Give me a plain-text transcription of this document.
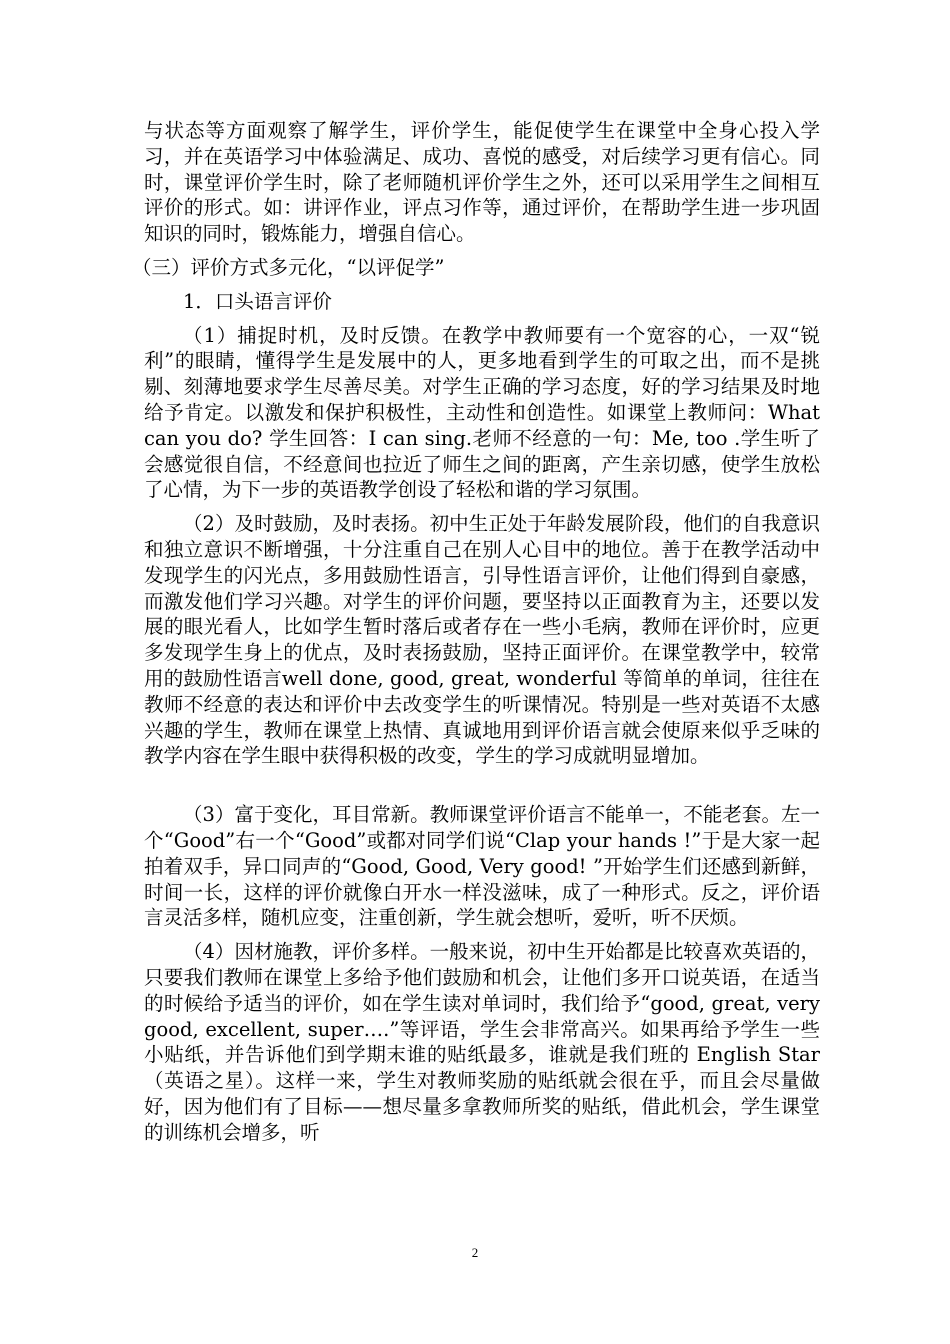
与状态等方面观察了解学生，评价学生，能促使学生在课堂中全身心投入学习，并在英语学习中体验满足、成功、喜悦的感受，对后续学习更有信心。同时，课堂评价学生时，除了老师随机评价学生之外，还可以采用学生之间相互评价的形式。如：讲评作业，评点习作等，通过评价，在帮助学生进一步巩固知识的同时，锻炼能力，增强自信心。

（三）评价方式多元化，“以评促学”

1．口头语言评价

（1）捕捉时机，及时反馈。在教学中教师要有一个宽容的心，一双“锐利”的眼睛，懂得学生是发展中的人，更多地看到学生的可取之出，而不是挑剔、刻薄地要求学生尽善尽美。对学生正确的学习态度，好的学习结果及时地给予肯定。以激发和保护积极性，主动性和创造性。如课堂上教师问：What can you do? 学生回答：I can sing.老师不经意的一句：Me, too .学生听了会感觉很自信，不经意间也拉近了师生之间的距离，产生亲切感，使学生放松了心情，为下一步的英语教学创设了轻松和谐的学习氛围。

（2）及时鼓励，及时表扬。初中生正处于年龄发展阶段，他们的自我意识和独立意识不断增强，十分注重自己在别人心目中的地位。善于在教学活动中发现学生的闪光点，多用鼓励性语言，引导性语言评价，让他们得到自豪感，而激发他们学习兴趣。对学生的评价问题，要坚持以正面教育为主，还要以发展的眼光看人，比如学生暂时落后或者存在一些小毛病，教师在评价时，应更多发现学生身上的优点，及时表扬鼓励，坚持正面评价。在课堂教学中，较常用的鼓励性语言well done, good, great, wonderful 等简单的单词，往往在教师不经意的表达和评价中去改变学生的听课情况。特别是一些对英语不太感兴趣的学生，教师在课堂上热情、真诚地用到评价语言就会使原来似乎乏味的教学内容在学生眼中获得积极的改变，学生的学习成就明显增加。

（3）富于变化，耳目常新。教师课堂评价语言不能单一，不能老套。左一个“Good”右一个“Good”或都对同学们说“Clap your hands !”于是大家一起拍着双手，异口同声的“Good, Good, Very good! ”开始学生们还感到新鲜，时间一长，这样的评价就像白开水一样没滋味，成了一种形式。反之，评价语言灵活多样，随机应变，注重创新，学生就会想听，爱听，听不厌烦。

（4）因材施教，评价多样。一般来说，初中生开始都是比较喜欢英语的，只要我们教师在课堂上多给予他们鼓励和机会，让他们多开口说英语，在适当的时候给予适当的评价，如在学生读对单词时，我们给予“good, great, very good, excellent, super….”等评语，学生会非常高兴。如果再给予学生一些小贴纸，并告诉他们到学期末谁的贴纸最多，谁就是我们班的 English Star（英语之星）。这样一来，学生对教师奖励的贴纸就会很在乎，而且会尽量做好，因为他们有了目标——想尽量多拿教师所奖的贴纸，借此机会，学生课堂的训练机会增多，听

2
